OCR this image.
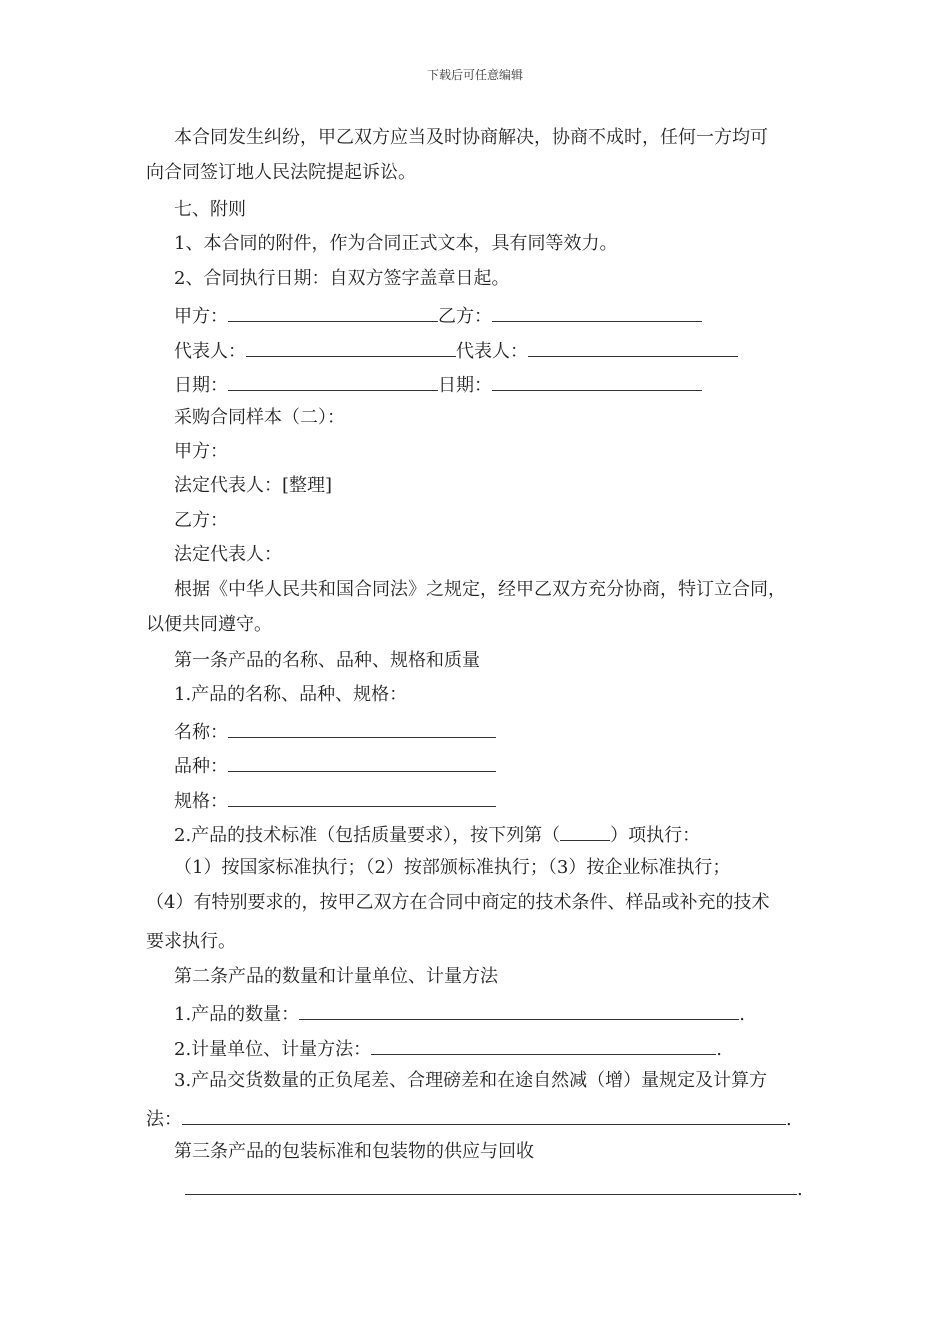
下载后可任意编辑
本合同发生纠纷，甲乙双方应当及时协商解决，协商不成时，任何一方均可
向合同签订地人民法院提起诉讼。
七、附则
1、本合同的附件，作为合同正式文本，具有同等效力。
2、合同执行日期：自双方签字盖章日起。
甲方：	乙方：
代表人：	代表人：
日期：	日期：
采购合同样本（二）：
甲方：
法定代表人：[整理]
乙方：
法定代表人：
根据《中华人民共和国合同法》之规定，经甲乙双方充分协商，特订立合同，
以便共同遵守。
第一条产品的名称、品种、规格和质量
1.产品的名称、品种、规格：
名称：
品种：
规格：
2.产品的技术标准（包括质量要求），按下列第（	）项执行：
（1）按国家标准执行；（2）按部颁标准执行；（3）按企业标准执行；
（4）有特别要求的，按甲乙双方在合同中商定的技术条件、样品或补充的技术
要求执行。
第二条产品的数量和计量单位、计量方法
1.产品的数量：	.
2.计量单位、计量方法：	.
3.产品交货数量的正负尾差、合理磅差和在途自然减（增）量规定及计算方
法：	.
第三条产品的包装标准和包装物的供应与回收
.
